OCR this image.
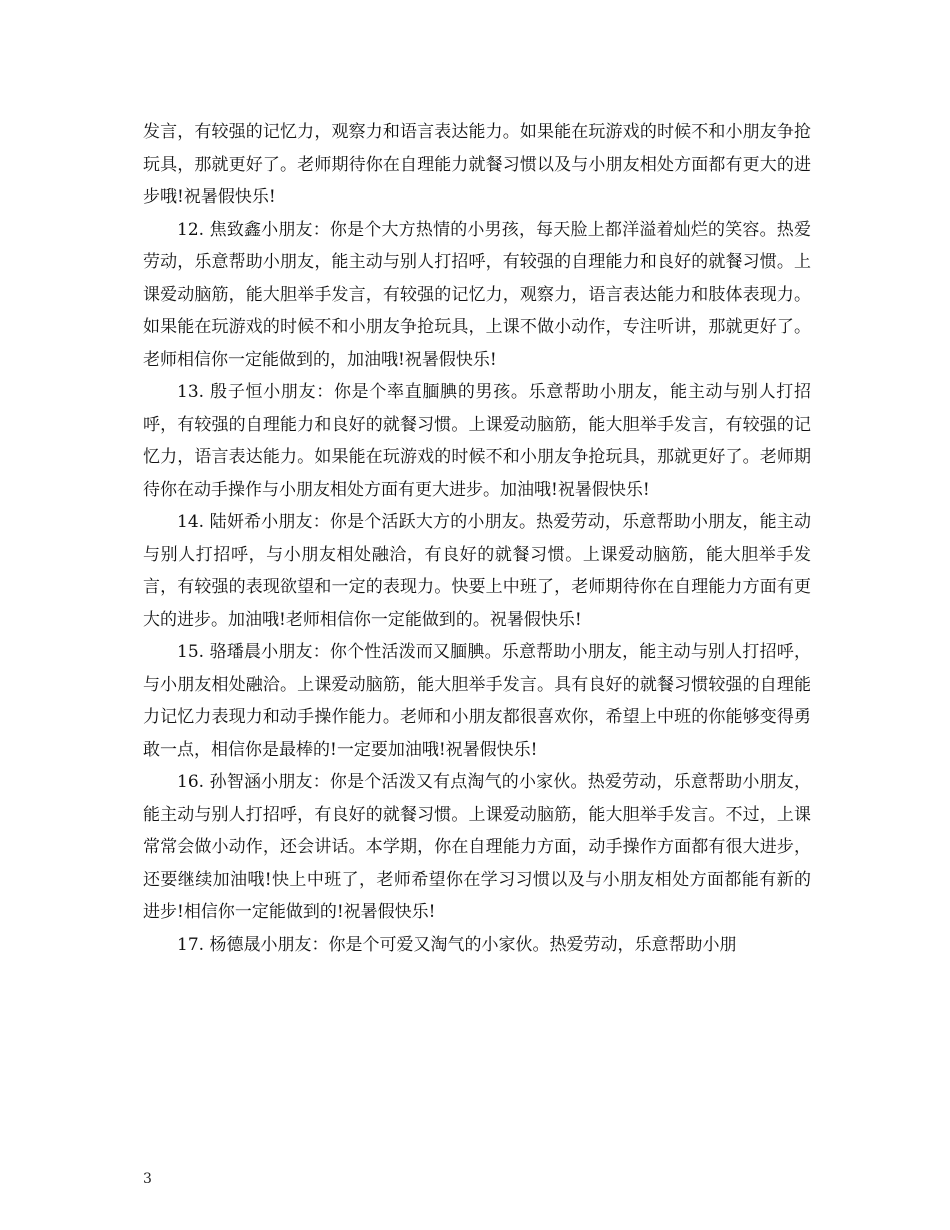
发言，有较强的记忆力，观察力和语言表达能力。如果能在玩游戏的时候不和小朋友争抢玩具，那就更好了。老师期待你在自理能力就餐习惯以及与小朋友相处方面都有更大的进步哦!祝暑假快乐!

12. 焦致鑫小朋友：你是个大方热情的小男孩，每天脸上都洋溢着灿烂的笑容。热爱劳动，乐意帮助小朋友，能主动与别人打招呼，有较强的自理能力和良好的就餐习惯。上课爱动脑筋，能大胆举手发言，有较强的记忆力，观察力，语言表达能力和肢体表现力。如果能在玩游戏的时候不和小朋友争抢玩具，上课不做小动作，专注听讲，那就更好了。老师相信你一定能做到的，加油哦!祝暑假快乐!

13. 殷子恒小朋友：你是个率直腼腆的男孩。乐意帮助小朋友，能主动与别人打招呼，有较强的自理能力和良好的就餐习惯。上课爱动脑筋，能大胆举手发言，有较强的记忆力，语言表达能力。如果能在玩游戏的时候不和小朋友争抢玩具，那就更好了。老师期待你在动手操作与小朋友相处方面有更大进步。加油哦!祝暑假快乐!

14. 陆妍希小朋友：你是个活跃大方的小朋友。热爱劳动，乐意帮助小朋友，能主动与别人打招呼，与小朋友相处融洽，有良好的就餐习惯。上课爱动脑筋，能大胆举手发言，有较强的表现欲望和一定的表现力。快要上中班了，老师期待你在自理能力方面有更大的进步。加油哦!老师相信你一定能做到的。祝暑假快乐!

15. 骆璠晨小朋友：你个性活泼而又腼腆。乐意帮助小朋友，能主动与别人打招呼，与小朋友相处融洽。上课爱动脑筋，能大胆举手发言。具有良好的就餐习惯较强的自理能力记忆力表现力和动手操作能力。老师和小朋友都很喜欢你，希望上中班的你能够变得勇敢一点，相信你是最棒的!一定要加油哦!祝暑假快乐!

16. 孙智涵小朋友：你是个活泼又有点淘气的小家伙。热爱劳动，乐意帮助小朋友，能主动与别人打招呼，有良好的就餐习惯。上课爱动脑筋，能大胆举手发言。不过，上课常常会做小动作，还会讲话。本学期，你在自理能力方面，动手操作方面都有很大进步，还要继续加油哦!快上中班了，老师希望你在学习习惯以及与小朋友相处方面都能有新的进步!相信你一定能做到的!祝暑假快乐!

17. 杨德晟小朋友：你是个可爱又淘气的小家伙。热爱劳动，乐意帮助小朋

3
